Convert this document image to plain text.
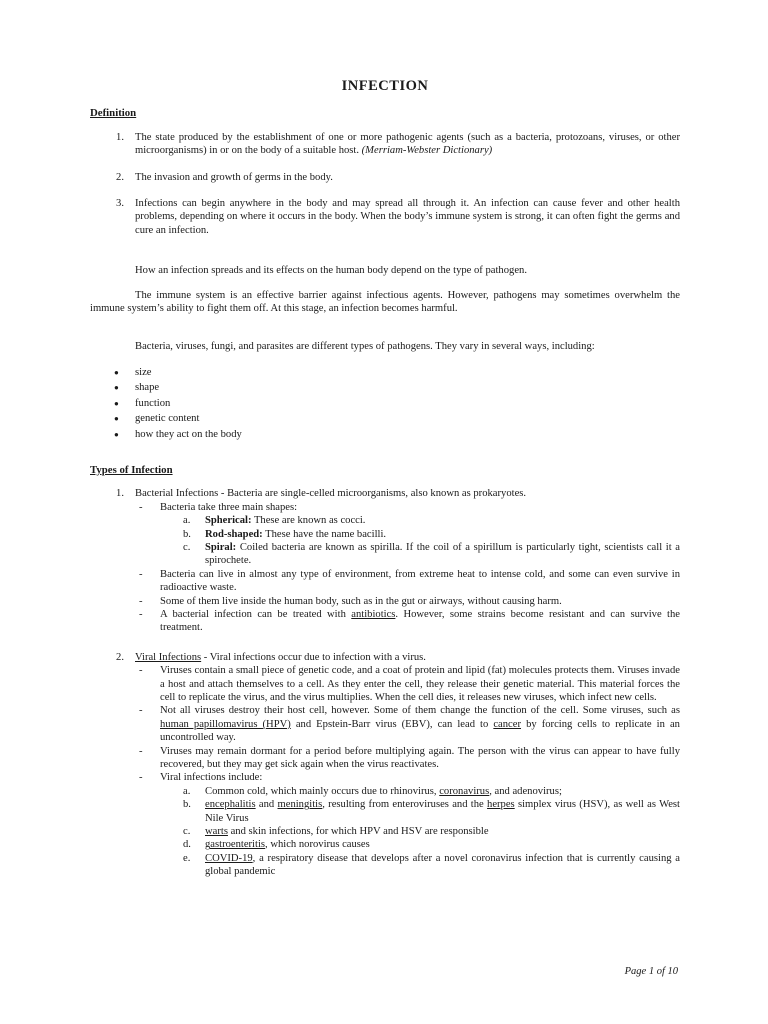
INFECTION
Definition
1.	The state produced by the establishment of one or more pathogenic agents (such as a bacteria, protozoans, viruses, or other microorganisms) in or on the body of a suitable host. (Merriam-Webster Dictionary)
2.	The invasion and growth of germs in the body.
3.	Infections can begin anywhere in the body and may spread all through it. An infection can cause fever and other health problems, depending on where it occurs in the body. When the body’s immune system is strong, it can often fight the germs and cure an infection.
How an infection spreads and its effects on the human body depend on the type of pathogen.
The immune system is an effective barrier against infectious agents. However, pathogens may sometimes overwhelm the immune system’s ability to fight them off. At this stage, an infection becomes harmful.
Bacteria, viruses, fungi, and parasites are different types of pathogens. They vary in several ways, including:
●	size
●	shape
●	function
●	genetic content
●	how they act on the body
Types of Infection
1.	Bacterial Infections - Bacteria are single-celled microorganisms, also known as prokaryotes.
-	Bacteria take three main shapes:
a.	Spherical: These are known as cocci.
b.	Rod-shaped: These have the name bacilli.
c.	Spiral: Coiled bacteria are known as spirilla. If the coil of a spirillum is particularly tight, scientists call it a spirochete.
-	Bacteria can live in almost any type of environment, from extreme heat to intense cold, and some can even survive in radioactive waste.
-	Some of them live inside the human body, such as in the gut or airways, without causing harm.
-	A bacterial infection can be treated with antibiotics. However, some strains become resistant and can survive the treatment.
2.	Viral Infections - Viral infections occur due to infection with a virus.
-	Viruses contain a small piece of genetic code, and a coat of protein and lipid (fat) molecules protects them. Viruses invade a host and attach themselves to a cell. As they enter the cell, they release their genetic material. This material forces the cell to replicate the virus, and the virus multiplies. When the cell dies, it releases new viruses, which infect new cells.
-	Not all viruses destroy their host cell, however. Some of them change the function of the cell. Some viruses, such as human papillomavirus (HPV) and Epstein-Barr virus (EBV), can lead to cancer by forcing cells to replicate in an uncontrolled way.
-	Viruses may remain dormant for a period before multiplying again. The person with the virus can appear to have fully recovered, but they may get sick again when the virus reactivates.
-	Viral infections include:
a.	Common cold, which mainly occurs due to rhinovirus, coronavirus, and adenovirus;
b.	encephalitis and meningitis, resulting from enteroviruses and the herpes simplex virus (HSV), as well as West Nile Virus
c.	warts and skin infections, for which HPV and HSV are responsible
d.	gastroenteritis, which norovirus causes
e.	COVID-19, a respiratory disease that develops after a novel coronavirus infection that is currently causing a global pandemic
Page 1 of 10
